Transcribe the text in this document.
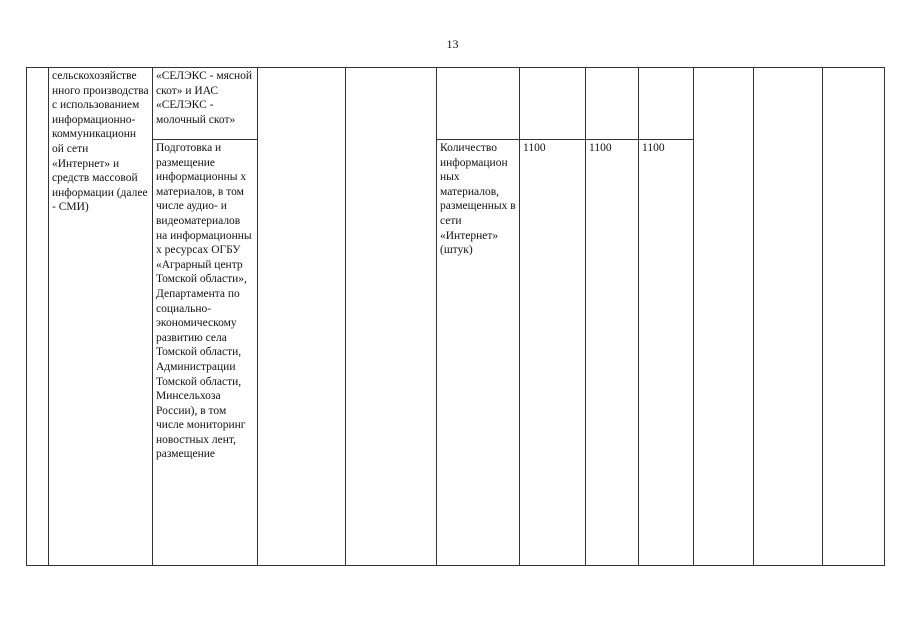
13
	сельскохозяйстве нного производства с использованием информационно-коммуникационн ой сети «Интернет» и средств массовой информации (далее - СМИ)	«СЕЛЭКС - мясной скот» и ИАС «СЕЛЭКС - молочный скот»									
		Подготовка и размещение информационны х материалов, в том числе аудио- и видеоматериалов на информационны х ресурсах ОГБУ «Аграрный центр Томской области», Департамента по социально-экономическому развитию села Томской области, Администрации Томской области, Минсельхоза России), в том числе мониторинг новостных лент, размещение			Количество информацион ных материалов, размещенных в сети «Интернет» (штук)	1100	1100	1100			
